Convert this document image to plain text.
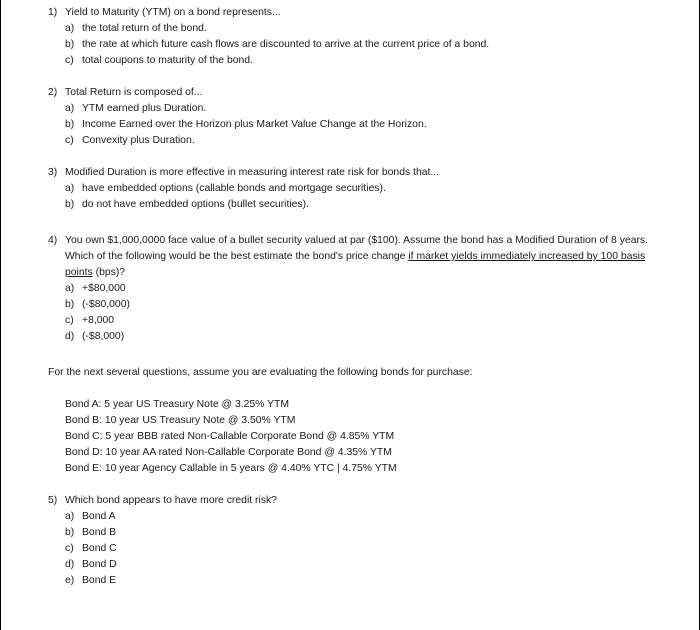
1) Yield to Maturity (YTM) on a bond represents...
a) the total return of the bond.
b) the rate at which future cash flows are discounted to arrive at the current price of a bond.
c) total coupons to maturity of the bond.
2) Total Return is composed of...
a) YTM earned plus Duration.
b) Income Earned over the Horizon plus Market Value Change at the Horizon.
c) Convexity plus Duration.
3) Modified Duration is more effective in measuring interest rate risk for bonds that...
a) have embedded options (callable bonds and mortgage securities).
b) do not have embedded options (bullet securities).
4) You own $1,000,0000 face value of a bullet security valued at par ($100). Assume the bond has a Modified Duration of 8 years. Which of the following would be the best estimate the bond's price change if market yields immediately increased by 100 basis points (bps)?
a) +$80,000
b) (-$80,000)
c) +8,000
d) (-$8,000)
For the next several questions, assume you are evaluating the following bonds for purchase:
Bond A: 5 year US Treasury Note @ 3.25% YTM
Bond B: 10 year US Treasury Note @ 3.50% YTM
Bond C: 5 year BBB rated Non-Callable Corporate Bond @ 4.85% YTM
Bond D: 10 year AA rated Non-Callable Corporate Bond @ 4.35% YTM
Bond E: 10 year Agency Callable in 5 years @ 4.40% YTC | 4.75% YTM
5) Which bond appears to have more credit risk?
a) Bond A
b) Bond B
c) Bond C
d) Bond D
e) Bond E
